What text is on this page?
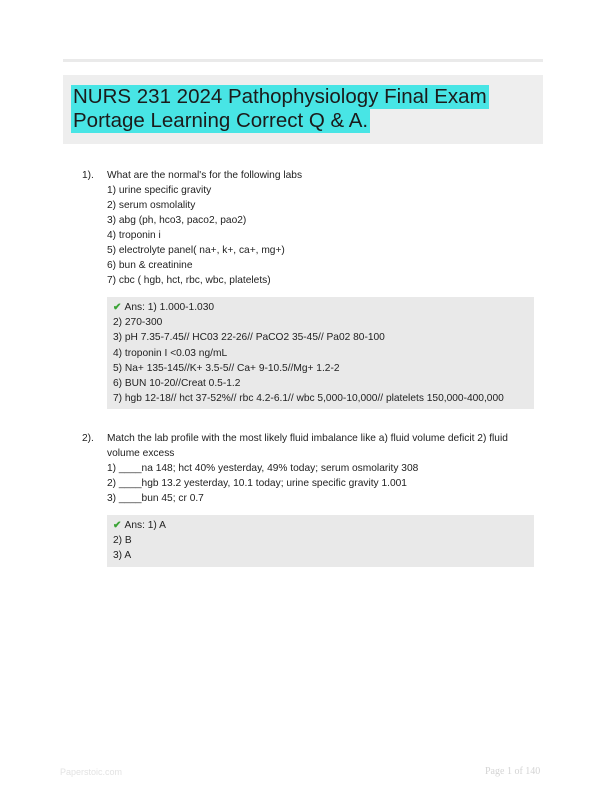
NURS 231 2024 Pathophysiology Final Exam
Portage Learning Correct Q & A.
1). What are the normal's for the following labs
1) urine specific gravity
2) serum osmolality
3) abg (ph, hco3, paco2, pao2)
4) troponin i
5) electrolyte panel( na+, k+, ca+, mg+)
6) bun & creatinine
7) cbc ( hgb, hct, rbc, wbc, platelets)
✔ Ans: 1) 1.000-1.030
2) 270-300
3) pH 7.35-7.45// HC03 22-26// PaCO2 35-45// Pa02 80-100
4) troponin I <0.03 ng/mL
5) Na+ 135-145//K+ 3.5-5// Ca+ 9-10.5//Mg+ 1.2-2
6) BUN 10-20//Creat 0.5-1.2
7) hgb 12-18// hct 37-52%// rbc 4.2-6.1// wbc 5,000-10,000// platelets 150,000-400,000
2). Match the lab profile with the most likely fluid imbalance like a) fluid volume deficit 2) fluid
volume excess
1) ____na 148; hct 40% yesterday, 49% today; serum osmolarity 308
2) ____hgb 13.2 yesterday, 10.1 today; urine specific gravity 1.001
3) ____bun 45; cr 0.7
✔ Ans: 1) A
2) B
3) A
Paperstoic.com	Page 1 of 140
